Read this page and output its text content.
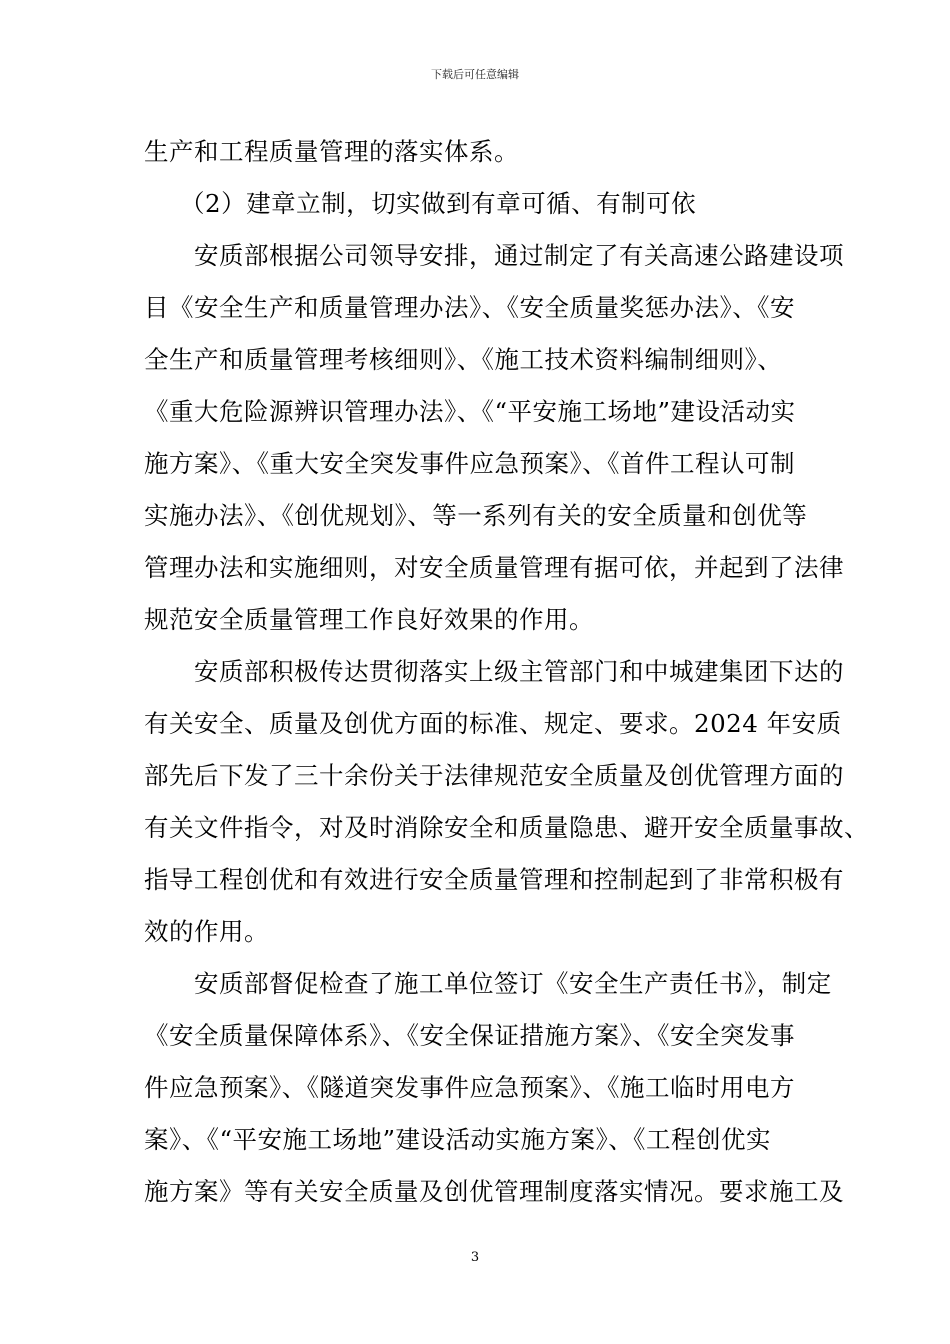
下载后可任意编辑
生产和工程质量管理的落实体系。
（2）建章立制，切实做到有章可循、有制可依
安质部根据公司领导安排，通过制定了有关高速公路建设项
目《安全生产和质量管理办法》、《安全质量奖惩办法》、《安
全生产和质量管理考核细则》、《施工技术资料编制细则》、
《重大危险源辨识管理办法》、《“平安施工场地”建设活动实
施方案》、《重大安全突发事件应急预案》、《首件工程认可制
实施办法》、《创优规划》、等一系列有关的安全质量和创优等
管理办法和实施细则，对安全质量管理有据可依，并起到了法律
规范安全质量管理工作良好效果的作用。
安质部积极传达贯彻落实上级主管部门和中城建集团下达的
有关安全、质量及创优方面的标准、规定、要求。2024 年安质
部先后下发了三十余份关于法律规范安全质量及创优管理方面的
有关文件指令，对及时消除安全和质量隐患、避开安全质量事故、
指导工程创优和有效进行安全质量管理和控制起到了非常积极有
效的作用。
安质部督促检查了施工单位签订《安全生产责任书》，制定
《安全质量保障体系》、《安全保证措施方案》、《安全突发事
件应急预案》、《隧道突发事件应急预案》、《施工临时用电方
案》、《“平安施工场地”建设活动实施方案》、《工程创优实
施方案》等有关安全质量及创优管理制度落实情况。要求施工及
3
